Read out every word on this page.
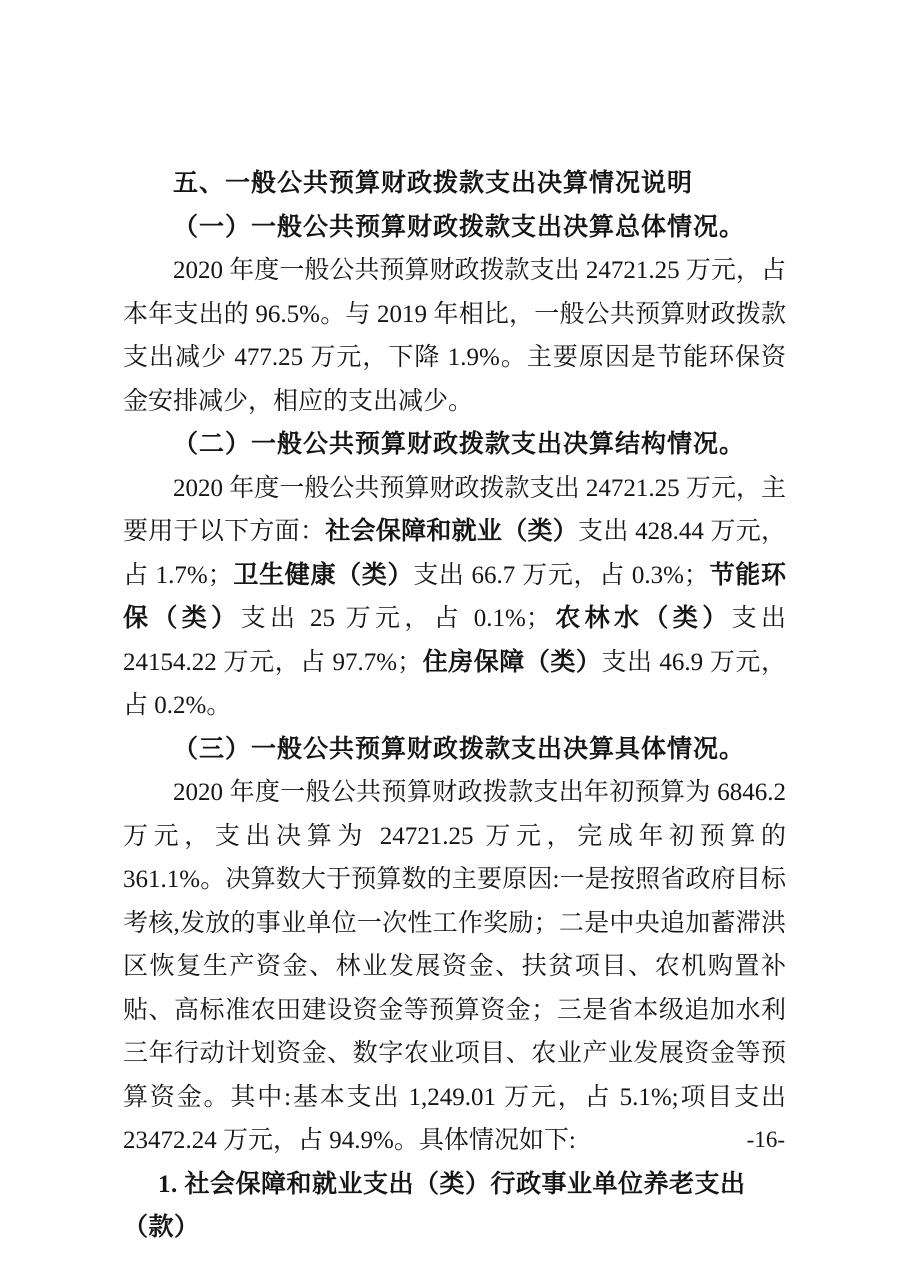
五、一般公共预算财政拨款支出决算情况说明
（一）一般公共预算财政拨款支出决算总体情况。

2020 年度一般公共预算财政拨款支出 24721.25 万元，占本年支出的 96.5%。与 2019 年相比，一般公共预算财政拨款支出减少 477.25 万元，下降 1.9%。主要原因是节能环保资金安排减少，相应的支出减少。

（二）一般公共预算财政拨款支出决算结构情况。

2020 年度一般公共预算财政拨款支出 24721.25 万元，主要用于以下方面：社会保障和就业（类）支出 428.44 万元，占 1.7%；卫生健康（类）支出 66.7 万元，占 0.3%；节能环保（类）支出 25 万元，占 0.1%；农林水（类）支出 24154.22 万元，占 97.7%；住房保障（类）支出 46.9 万元，占 0.2%。

（三）一般公共预算财政拨款支出决算具体情况。

2020 年度一般公共预算财政拨款支出年初预算为 6846.2 万元，支出决算为 24721.25 万元，完成年初预算的 361.1%。决算数大于预算数的主要原因:一是按照省政府目标考核,发放的事业单位一次性工作奖励；二是中央追加蓄滞洪区恢复生产资金、林业发展资金、扶贫项目、农机购置补贴、高标准农田建设资金等预算资金；三是省本级追加水利三年行动计划资金、数字农业项目、农业产业发展资金等预算资金。其中:基本支出 1,249.01 万元，占 5.1%;项目支出 23472.24 万元，占 94.9%。具体情况如下:

1. 社会保障和就业支出（类）行政事业单位养老支出（款）
-16-
